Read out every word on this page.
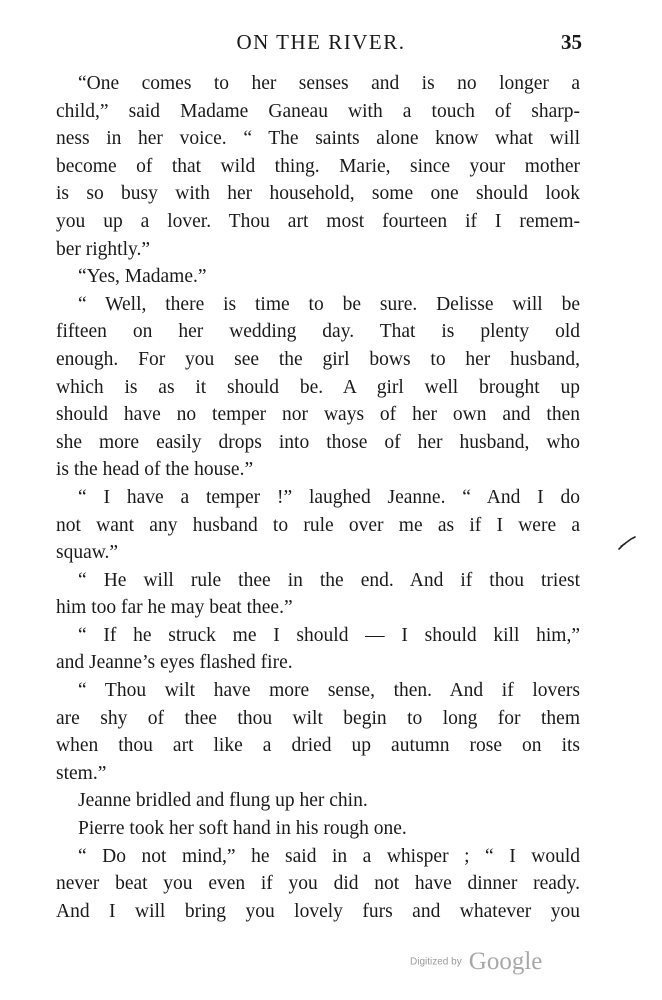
ON THE RIVER.	35
“One comes to her senses and is no longer a
child,” said Madame Ganeau with a touch of sharp-
ness in her voice. “ The saints alone know what will
become of that wild thing. Marie, since your mother
is so busy with her household, some one should look
you up a lover. Thou art most fourteen if I remem-
ber rightly.”
“Yes, Madame.”
“ Well, there is time to be sure. Delisse will be
fifteen on her wedding day. That is plenty old
enough. For you see the girl bows to her husband,
which is as it should be. A girl well brought up
should have no temper nor ways of her own and then
she more easily drops into those of her husband, who
is the head of the house.”
“ I have a temper !” laughed Jeanne. “ And I do
not want any husband to rule over me as if I were a
squaw.”
“ He will rule thee in the end. And if thou triest
him too far he may beat thee.”
“ If he struck me I should — I should kill him,”
and Jeanne’s eyes flashed fire.
“ Thou wilt have more sense, then. And if lovers
are shy of thee thou wilt begin to long for them
when thou art like a dried up autumn rose on its
stem.”
Jeanne bridled and flung up her chin.
Pierre took her soft hand in his rough one.
“ Do not mind,” he said in a whisper ; “ I would
never beat you even if you did not have dinner ready.
And I will bring you lovely furs and whatever you
Digitized by Google
